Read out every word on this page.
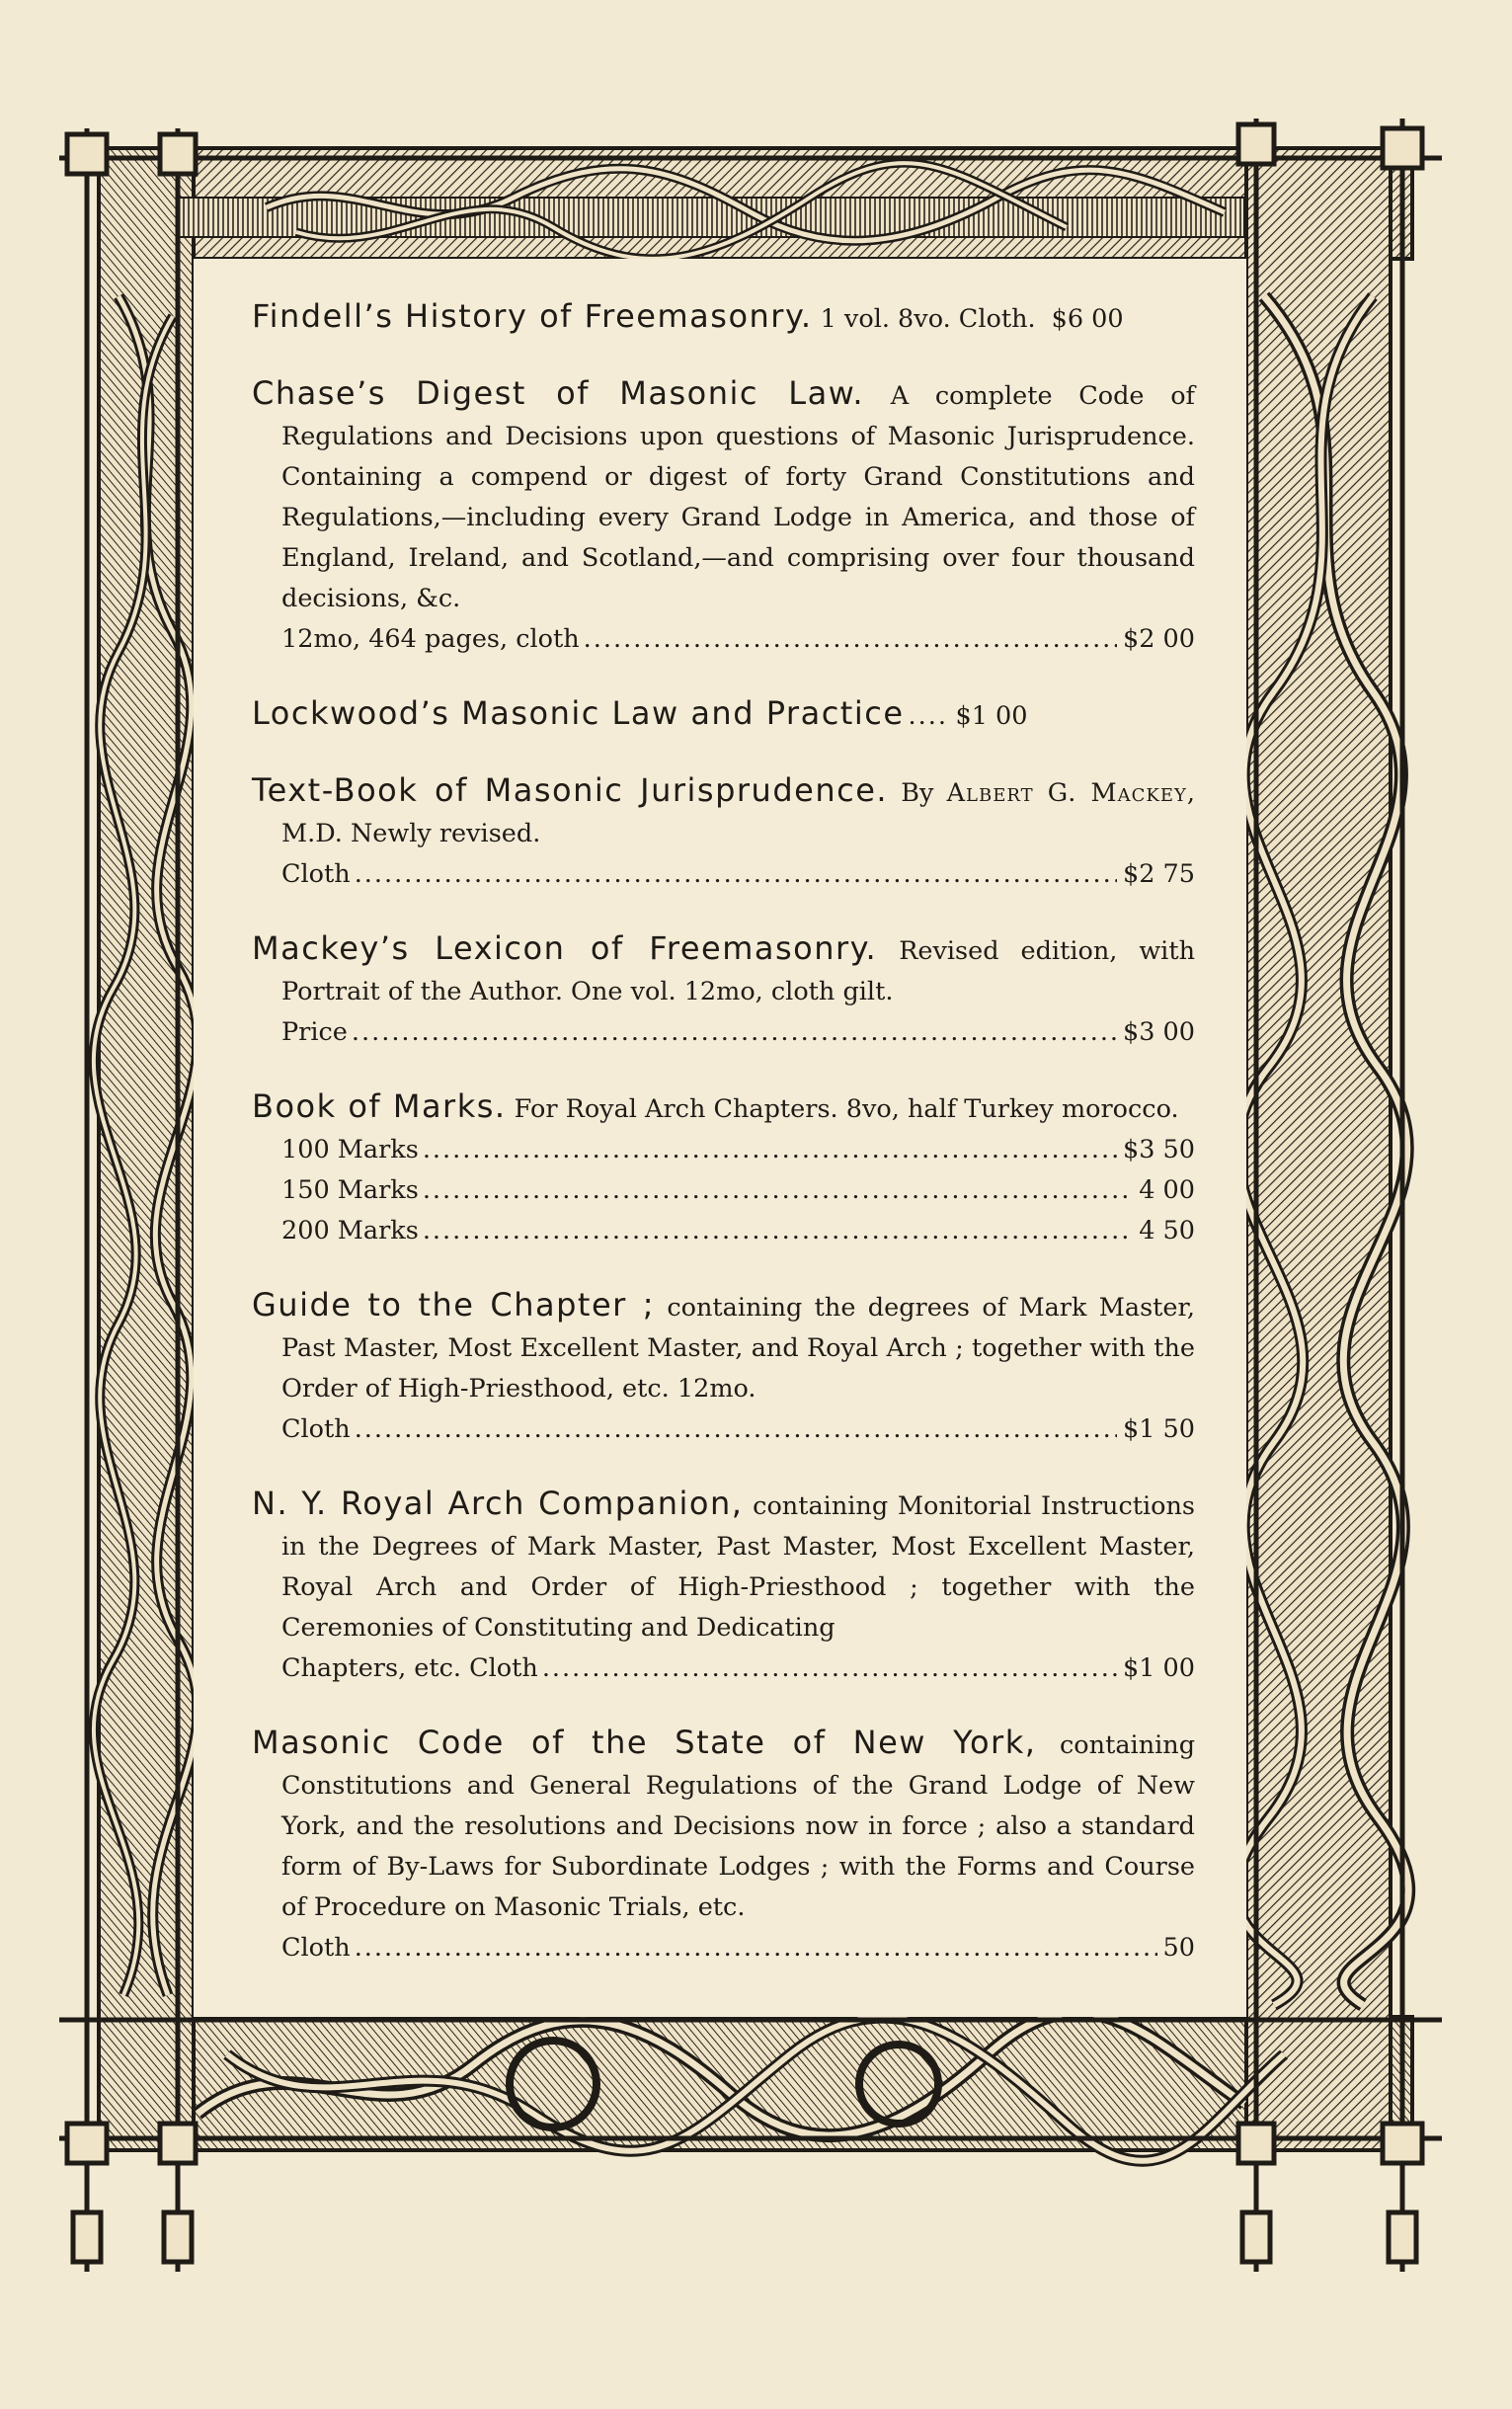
Findell’s History of Freemasonry. 1 vol. 8vo. Cloth. $6 00

Chase’s Digest of Masonic Law. A complete Code of Regulations and Decisions upon questions of Masonic Jurisprudence. Containing a compend or digest of forty Grand Constitutions and Regulations,—including every Grand Lodge in America, and those of England, Ireland, and Scotland,—and comprising over four thousand decisions, &c.

12mo, 464 pages, cloth .....	$2 00
Lockwood’s Masonic Law and Practice ..... $1 00

Text-Book of Masonic Jurisprudence. By Albert G. Mackey, M.D. Newly revised.

Cloth .....	$2 75

Mackey’s Lexicon of Freemasonry. Revised edition, with Portrait of the Author. One vol. 12mo, cloth gilt.

Price .....	$3 00

Book of Marks. For Royal Arch Chapters. 8vo, half Turkey morocco.

100 Marks .....	$3 50
150 Marks .....	4 00
200 Marks .....	4 50

Guide to the Chapter ; containing the degrees of Mark Master, Past Master, Most Excellent Master, and Royal Arch ; together with the Order of High-Priesthood, etc. 12mo.

Cloth .....	$1 50

N. Y. Royal Arch Companion, containing Monitorial Instructions in the Degrees of Mark Master, Past Master, Most Excellent Master, Royal Arch and Order of High-Priesthood ; together with the Ceremonies of Constituting and Dedicating

Chapters, etc. Cloth .....	$1 00

Masonic Code of the State of New York, containing Constitutions and General Regulations of the Grand Lodge of New York, and the resolutions and Decisions now in force ; also a standard form of By-Laws for Subordinate Lodges ; with the Forms and Course of Procedure on Masonic Trials, etc.

Cloth .....	50
